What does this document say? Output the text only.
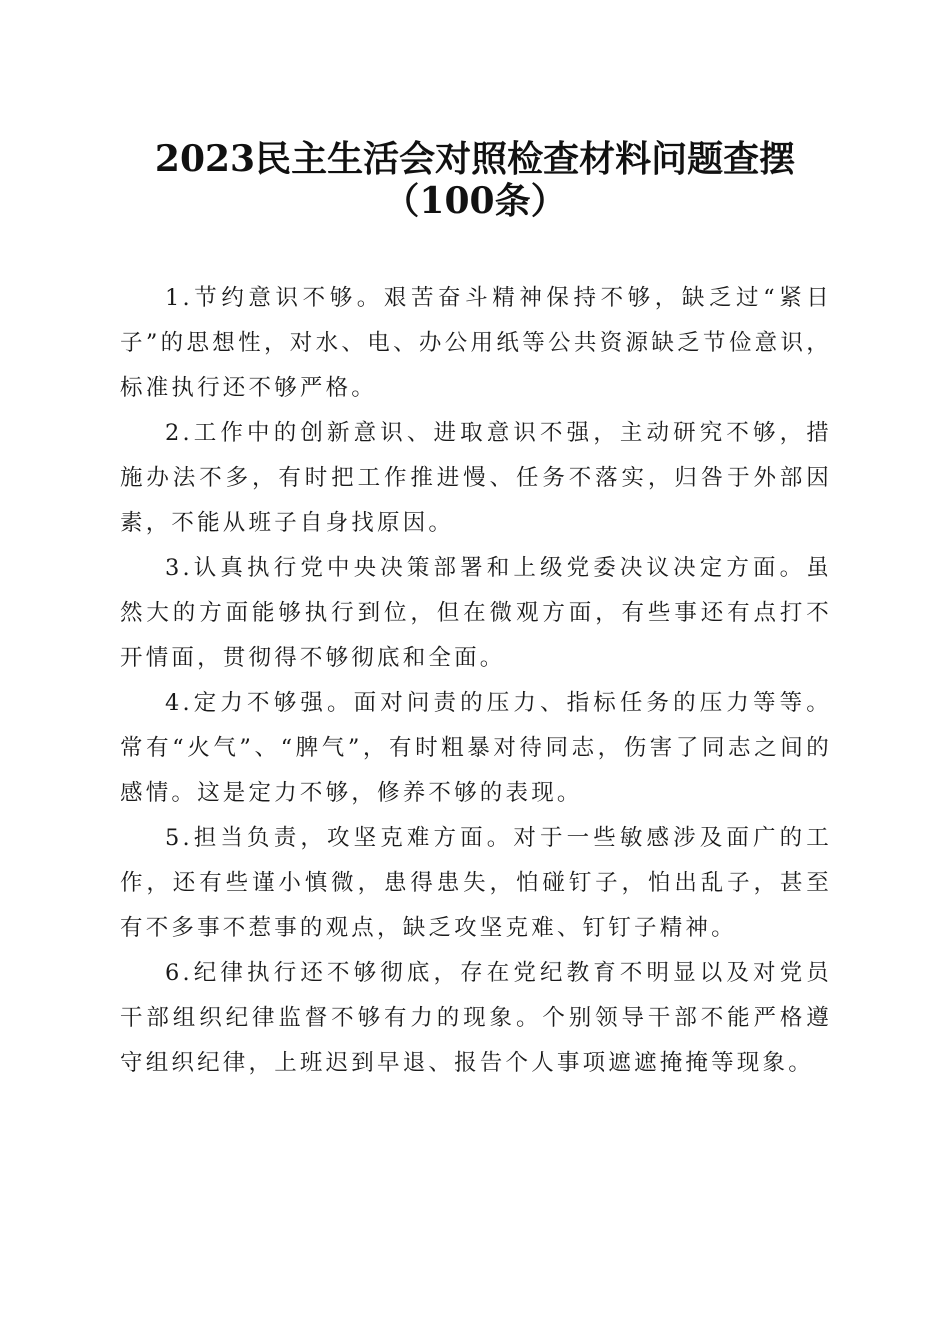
2023民主生活会对照检查材料问题查摆（100条）

1.节约意识不够。艰苦奋斗精神保持不够，缺乏过“紧日子”的思想性，对水、电、办公用纸等公共资源缺乏节俭意识，标准执行还不够严格。

2.工作中的创新意识、进取意识不强，主动研究不够，措施办法不多，有时把工作推进慢、任务不落实，归咎于外部因素，不能从班子自身找原因。

3.认真执行党中央决策部署和上级党委决议决定方面。虽然大的方面能够执行到位，但在微观方面，有些事还有点打不开情面，贯彻得不够彻底和全面。

4.定力不够强。面对问责的压力、指标任务的压力等等。常有“火气”、“脾气”，有时粗暴对待同志，伤害了同志之间的感情。这是定力不够，修养不够的表现。

5.担当负责，攻坚克难方面。对于一些敏感涉及面广的工作，还有些谨小慎微，患得患失，怕碰钉子，怕出乱子，甚至有不多事不惹事的观点，缺乏攻坚克难、钉钉子精神。

6.纪律执行还不够彻底，存在党纪教育不明显以及对党员干部组织纪律监督不够有力的现象。个别领导干部不能严格遵守组织纪律，上班迟到早退、报告个人事项遮遮掩掩等现象。
